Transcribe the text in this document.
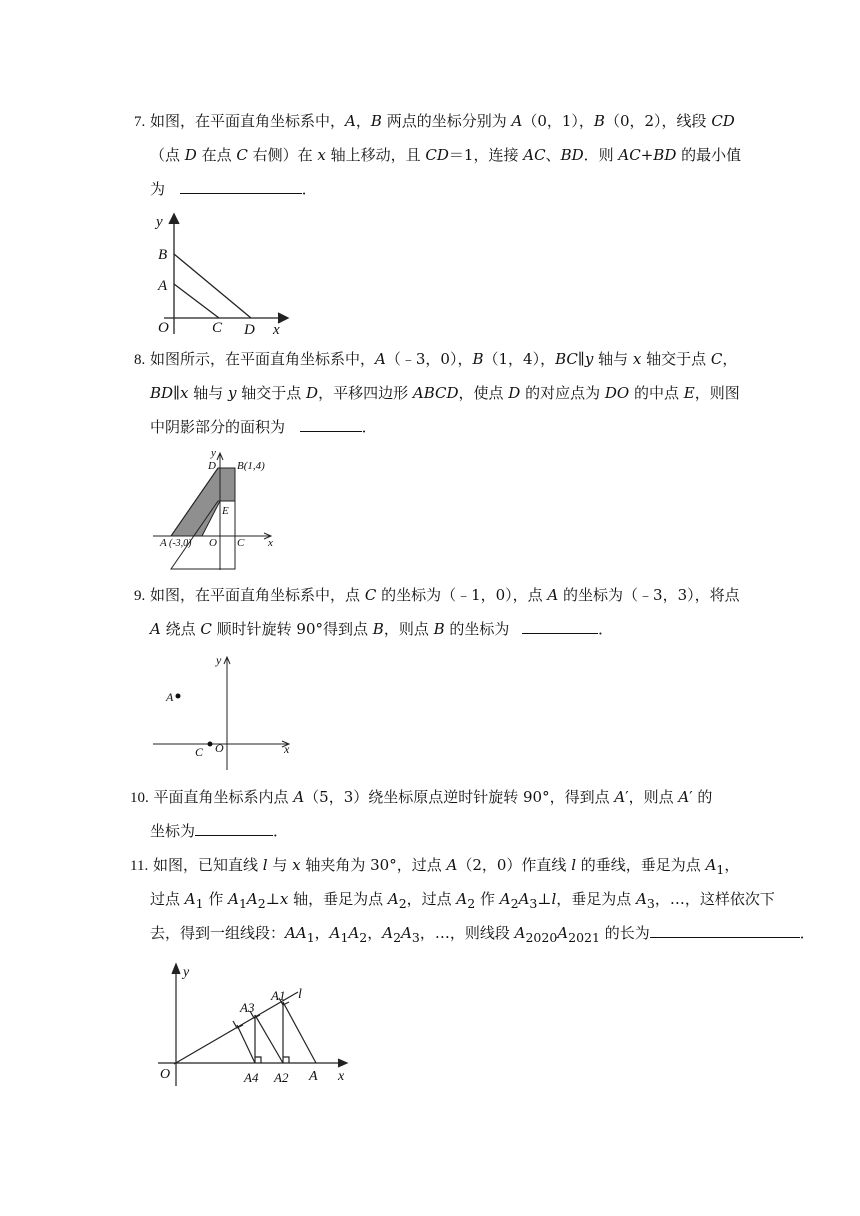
7. 如图，在平面直角坐标系中，A，B 两点的坐标分别为 A（0，1），B（0，2），线段 CD
（点 D 在点 C 右侧）在 x 轴上移动，且 CD＝1，连接 AC、BD．则 AC+BD 的最小值
为	．
y
B
A
O	C D x
8. 如图所示，在平面直角坐标系中，A（﹣3，0），B（1，4），BC∥y 轴与 x 轴交于点 C，
BD∥x 轴与 y 轴交于点 D，平移四边形 ABCD，使点 D 的对应点为 DO 的中点 E，则图
中阴影部分的面积为	．
y
D B(1,4)
E
A (-3,0) O C x
9. 如图，在平面直角坐标系中，点 C 的坐标为（﹣1，0），点 A 的坐标为（﹣3，3），将点
A 绕点 C 顺时针旋转 90°得到点 B，则点 B 的坐标为	．
y
A
C O	x
10. 平面直角坐标系内点 A（5，3）绕坐标原点逆时针旋转 90°，得到点 A′，则点 A′ 的
坐标为	．
11. 如图，已知直线 l 与 x 轴夹角为 30°，过点 A（2，0）作直线 l 的垂线，垂足为点 $A_1$，
过点 $A_1$ 作 $A_1A_2\perp x$ 轴，垂足为点 $A_2$，过点 $A_2$ 作 $A_2A_3\perp l$，垂足为点 $A_3$，…，这样依次下
去，得到一组线段：$AA_1$，$A_1A_2$，$A_2A_3$，…，则线段 $A_{2020}A_{2021}$ 的长为	．
y
A3
A1 l
O	A4 A2 A x
